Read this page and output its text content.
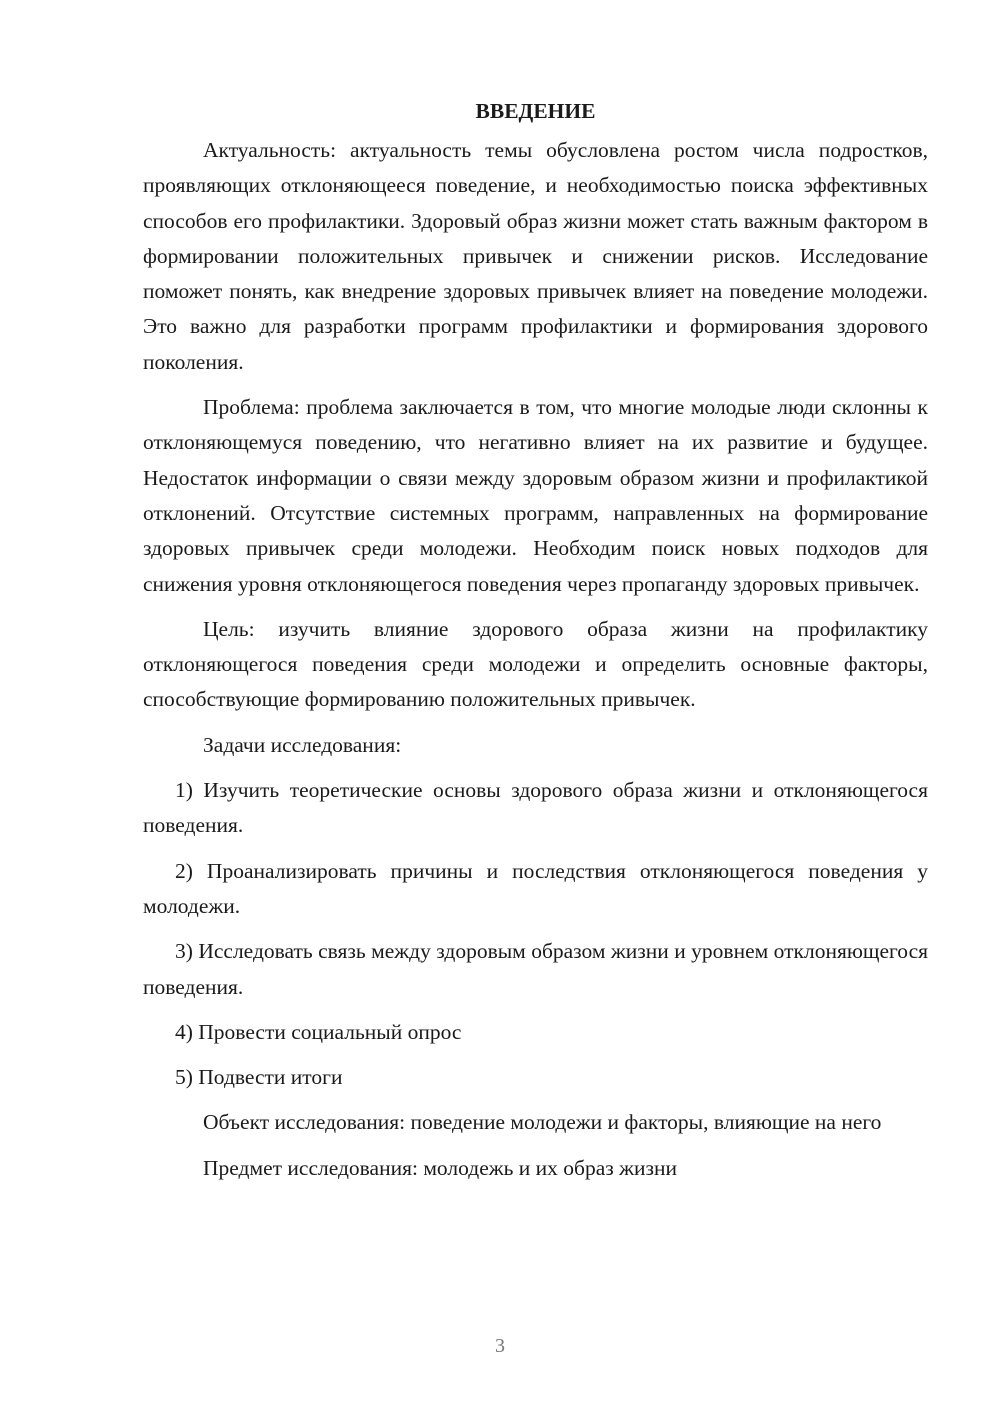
ВВЕДЕНИЕ

Актуальность: актуальность темы обусловлена ростом числа подростков, проявляющих отклоняющееся поведение, и необходимостью поиска эффективных способов его профилактики. Здоровый образ жизни может стать важным фактором в формировании положительных привычек и снижении рисков. Исследование поможет понять, как внедрение здоровых привычек влияет на поведение молодежи. Это важно для разработки программ профилактики и формирования здорового поколения.

Проблема: проблема заключается в том, что многие молодые люди склонны к отклоняющемуся поведению, что негативно влияет на их развитие и будущее. Недостаток информации о связи между здоровым образом жизни и профилактикой отклонений. Отсутствие системных программ, направленных на формирование здоровых привычек среди молодежи. Необходим поиск новых подходов для снижения уровня отклоняющегося поведения через пропаганду здоровых привычек.

Цель: изучить влияние здорового образа жизни на профилактику отклоняющегося поведения среди молодежи и определить основные факторы, способствующие формированию положительных привычек.

Задачи исследования:

1) Изучить теоретические основы здорового образа жизни и отклоняющегося поведения.

2) Проанализировать причины и последствия отклоняющегося поведения у молодежи.

3) Исследовать связь между здоровым образом жизни и уровнем отклоняющегося поведения.

4) Провести социальный опрос

5) Подвести итоги

Объект исследования: поведение молодежи и факторы, влияющие на него

Предмет исследования: молодежь и их образ жизни

3
